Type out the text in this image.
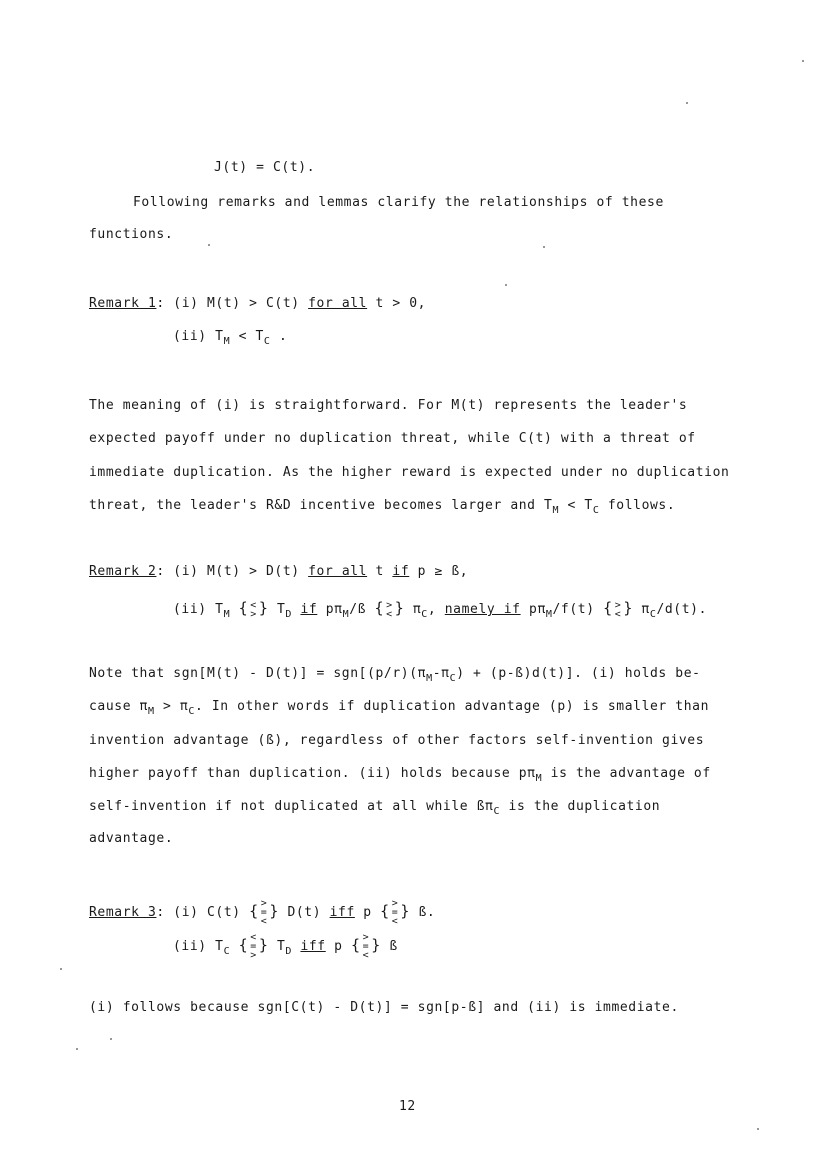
J(t) = C(t).
Following remarks and lemmas clarify the relationships of these
functions.
Remark 1: (i) M(t) > C(t) for all t > 0,
(ii) $T_M < T_C$ .
The meaning of (i) is straightforward. For M(t) represents the leader's
expected payoff under no duplication threat, while C(t) with a threat of
immediate duplication. As the higher reward is expected under no duplication
threat, the leader's R&D incentive becomes larger and $T_M < T_C$ follows.
Remark 2: (i) M(t) > D(t) for all t if p ≥ ß,
(ii) $T_M$ { <
> } $T_D$ if $p\pi_M/ß$ { >
< } $\pi_C$, namely if $p\pi_M/f(t)$ { >
< } $\pi_C/d(t)$.
Note that $sgn[M(t) - D(t)] = sgn[(p/r)(\pi_M-\pi_C)$ + (p-ß)d(t)]. (i) holds be-
cause $\pi_M > \pi_C$. In other words if duplication advantage (p) is smaller than
invention advantage (ß), regardless of other factors self-invention gives
higher payoff than duplication. (ii) holds because $p\pi_M$ is the advantage of
self-invention if not duplicated at all while $ß\pi_C$ is the duplication
advantage.
Remark 3: (i) C(t) { >
=
<
} D(t) iff p { >
=
<
} ß.
(ii) $T_C$ { <
=
>
} $T_D$ iff p { >
=
<
} ß
(i) follows because sgn[C(t) - D(t)] = sgn[p-ß] and (ii) is immediate.
12
